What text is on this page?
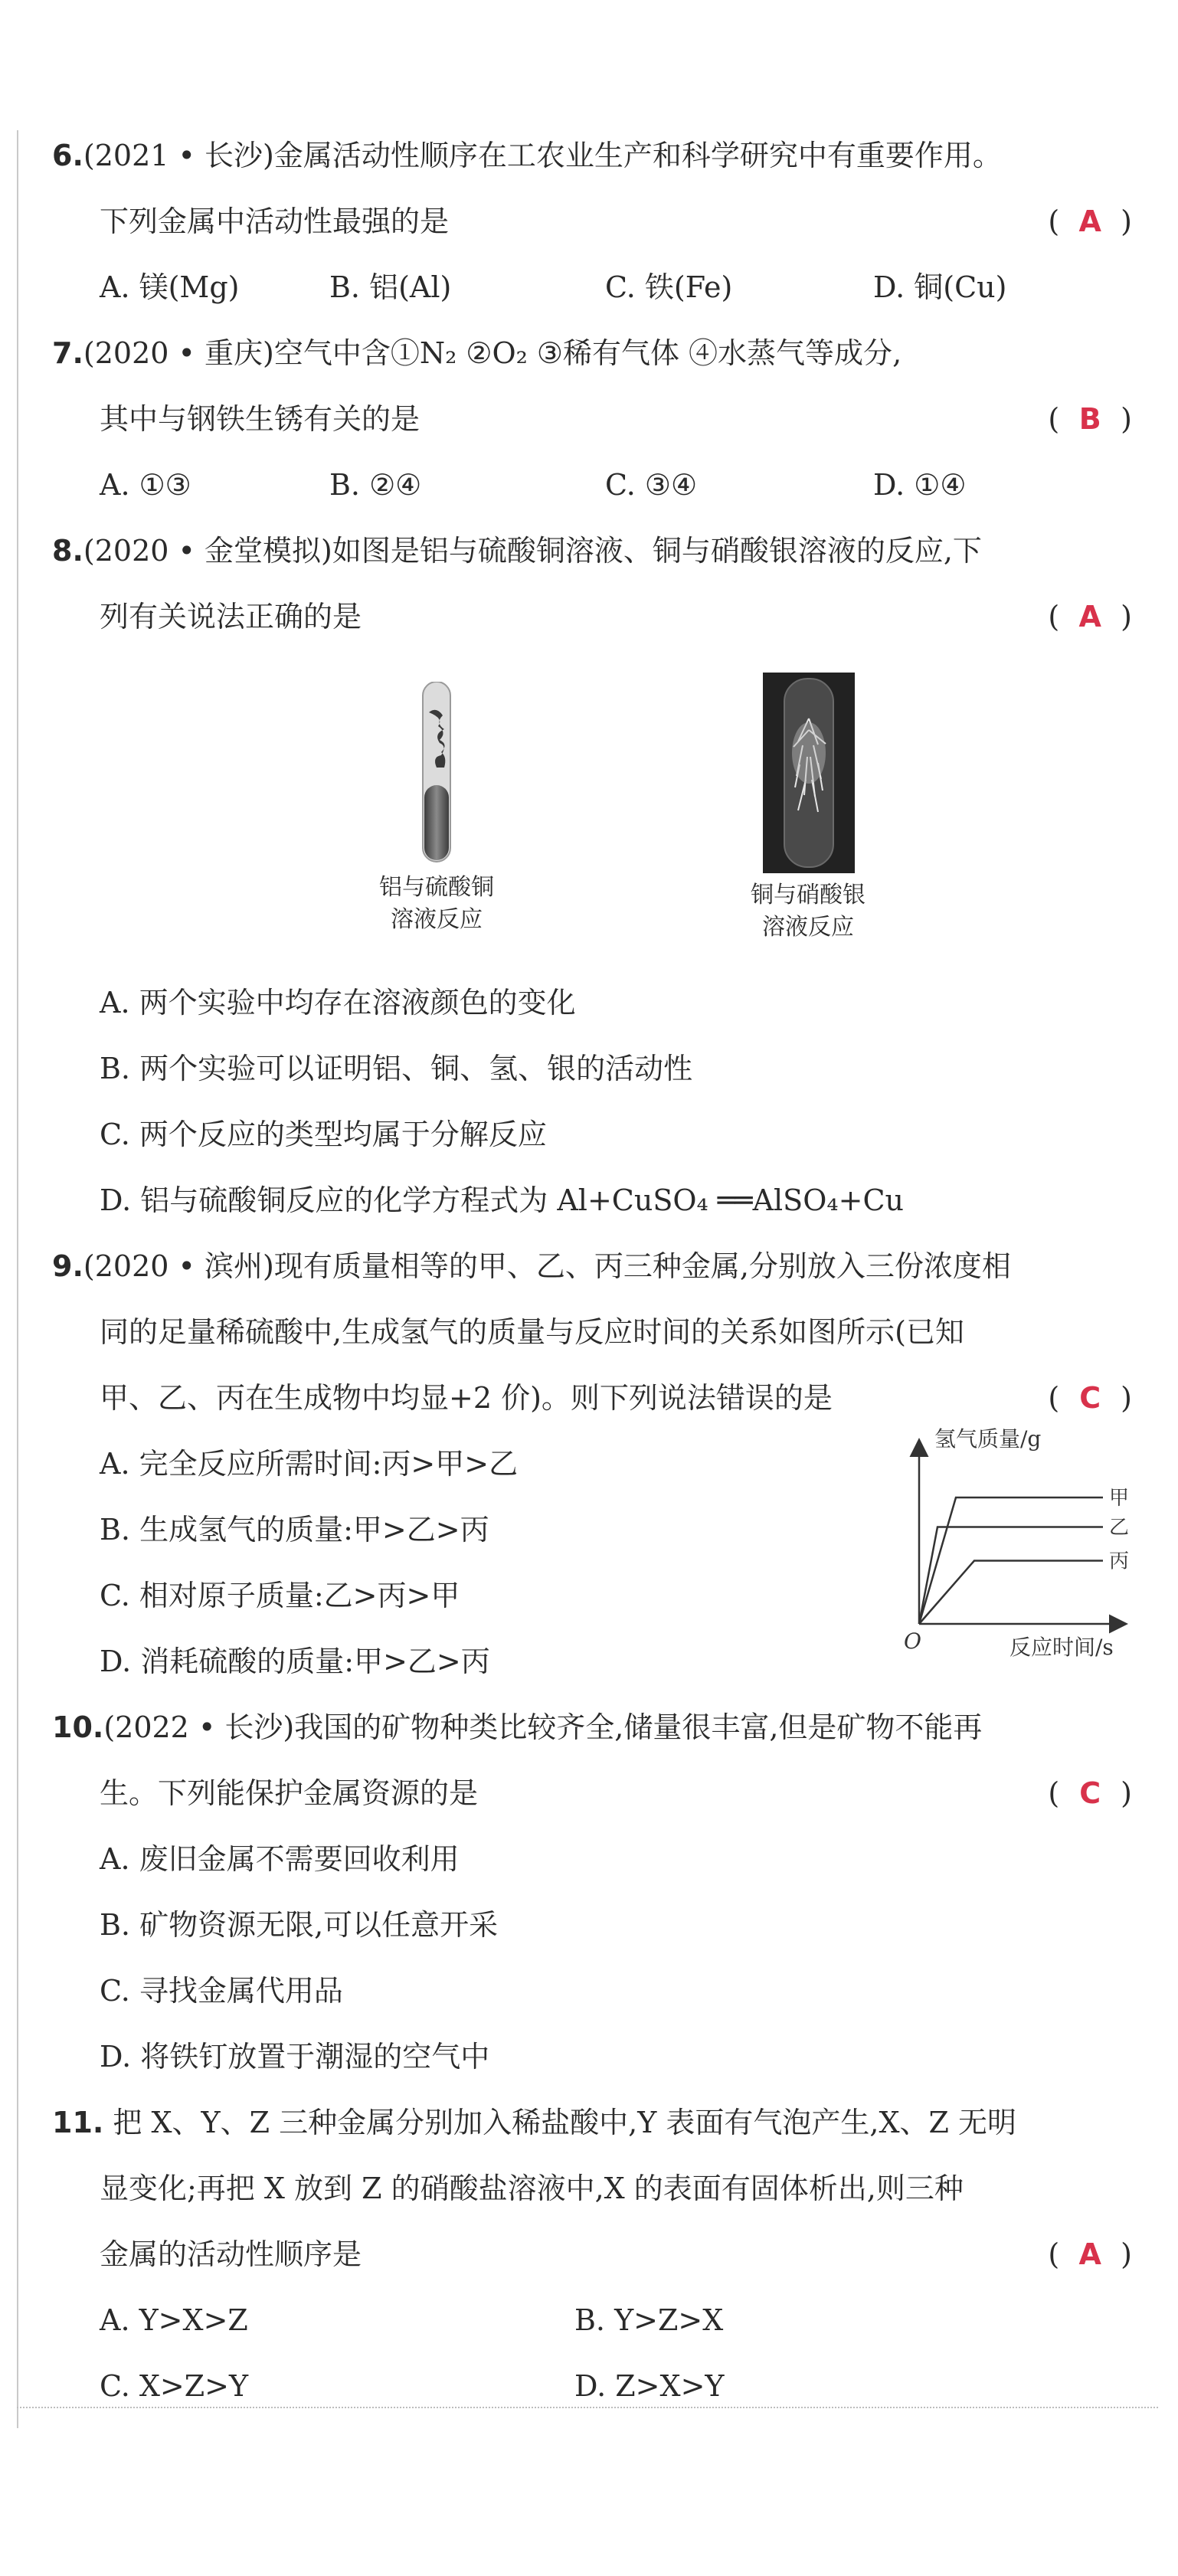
6.(2021 • 长沙)金属活动性顺序在工农业生产和科学研究中有重要作用。
下列金属中活动性最强的是	( A )
A. 镁(Mg)	B. 铝(Al)	C. 铁(Fe)	D. 铜(Cu)
7.(2020 • 重庆)空气中含①N₂ ②O₂ ③稀有气体 ④水蒸气等成分,
其中与钢铁生锈有关的是	( B )
A. ①③	B. ②④	C. ③④	D. ①④
8.(2020 • 金堂模拟)如图是铝与硫酸铜溶液、铜与硝酸银溶液的反应,下
列有关说法正确的是	( A )
铝与硫酸铜
溶液反应
铜与硝酸银
溶液反应
A. 两个实验中均存在溶液颜色的变化
B. 两个实验可以证明铝、铜、氢、银的活动性
C. 两个反应的类型均属于分解反应
D. 铝与硫酸铜反应的化学方程式为 Al+CuSO₄ ══AlSO₄+Cu
9.(2020 • 滨州)现有质量相等的甲、乙、丙三种金属,分别放入三份浓度相
同的足量稀硫酸中,生成氢气的质量与反应时间的关系如图所示(已知
甲、乙、丙在生成物中均显+2 价)。则下列说法错误的是	( C )
A. 完全反应所需时间:丙>甲>乙
B. 生成氢气的质量:甲>乙>丙
C. 相对原子质量:乙>丙>甲
D. 消耗硫酸的质量:甲>乙>丙
氢气质量/g
反应时间/s
O
甲
乙
丙
10.(2022 • 长沙)我国的矿物种类比较齐全,储量很丰富,但是矿物不能再
生。下列能保护金属资源的是	( C )
A. 废旧金属不需要回收利用
B. 矿物资源无限,可以任意开采
C. 寻找金属代用品
D. 将铁钉放置于潮湿的空气中
11. 把 X、Y、Z 三种金属分别加入稀盐酸中,Y 表面有气泡产生,X、Z 无明
显变化;再把 X 放到 Z 的硝酸盐溶液中,X 的表面有固体析出,则三种
金属的活动性顺序是	( A )
A. Y>X>Z	B. Y>Z>X
C. X>Z>Y	D. Z>X>Y
